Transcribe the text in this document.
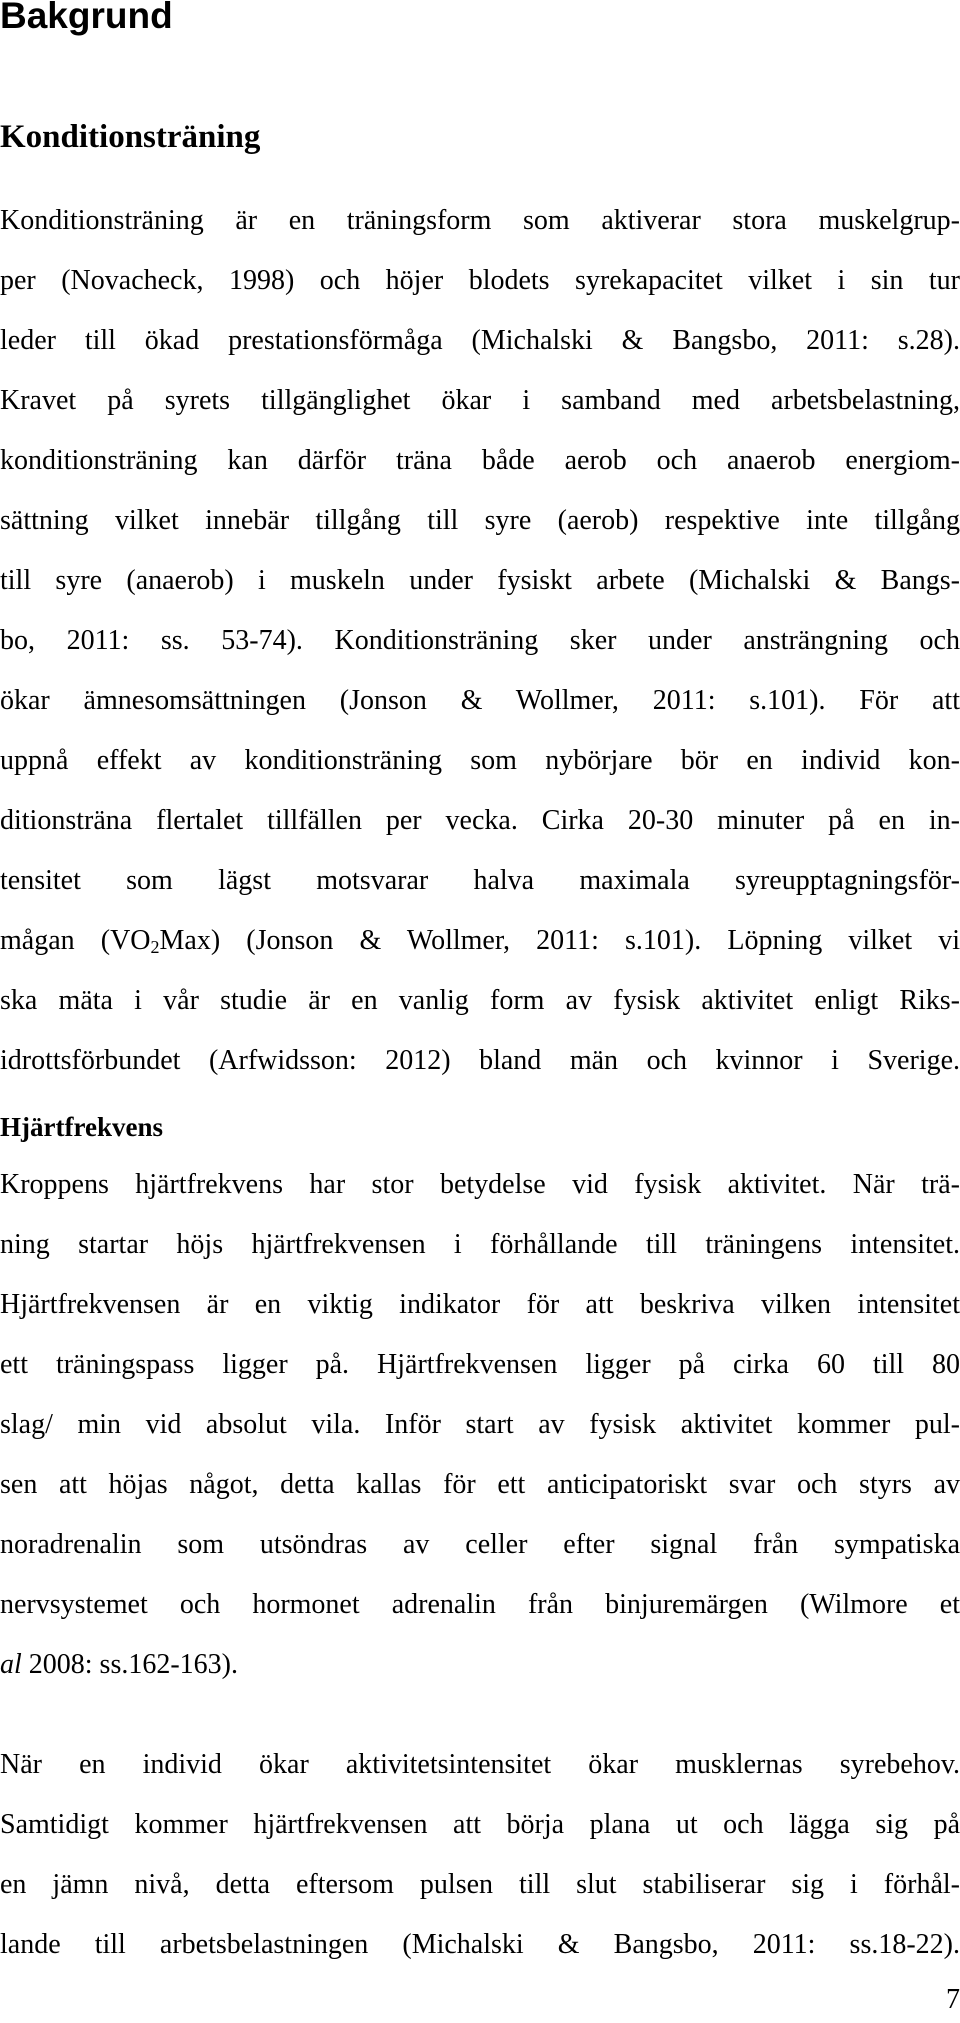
Bakgrund
Konditionsträning
Konditionsträning är en träningsform som aktiverar stora muskelgrup-
per (Novacheck, 1998) och höjer blodets syrekapacitet vilket i sin tur
leder till ökad prestationsförmåga (Michalski & Bangsbo, 2011: s.28).
Kravet på syrets tillgänglighet ökar i samband med arbetsbelastning,
konditionsträning kan därför träna både aerob och anaerob energiom-
sättning vilket innebär tillgång till syre (aerob) respektive inte tillgång
till syre (anaerob) i muskeln under fysiskt arbete (Michalski & Bangs-
bo, 2011: ss. 53-74). Konditionsträning sker under ansträngning och
ökar ämnesomsättningen (Jonson & Wollmer, 2011: s.101). För att
uppnå effekt av konditionsträning som nybörjare bör en individ kon-
ditionsträna flertalet tillfällen per vecka. Cirka 20-30 minuter på en in-
tensitet som lägst motsvarar halva maximala syreupptagningsför-
mågan $(VO_2Max)$ (Jonson & Wollmer, 2011: s.101). Löpning vilket vi
ska mäta i vår studie är en vanlig form av fysisk aktivitet enligt Riks-
idrottsförbundet (Arfwidsson: 2012) bland män och kvinnor i Sverige.
Hjärtfrekvens
Kroppens hjärtfrekvens har stor betydelse vid fysisk aktivitet. När trä-
ning startar höjs hjärtfrekvensen i förhållande till träningens intensitet.
Hjärtfrekvensen är en viktig indikator för att beskriva vilken intensitet
ett träningspass ligger på. Hjärtfrekvensen ligger på cirka 60 till 80
slag/ min vid absolut vila. Inför start av fysisk aktivitet kommer pul-
sen att höjas något, detta kallas för ett anticipatoriskt svar och styrs av
noradrenalin som utsöndras av celler efter signal från sympatiska
nervsystemet och hormonet adrenalin från binjuremärgen (Wilmore et
al 2008: ss.162-163).
När en individ ökar aktivitetsintensitet ökar musklernas syrebehov.
Samtidigt kommer hjärtfrekvensen att börja plana ut och lägga sig på
en jämn nivå, detta eftersom pulsen till slut stabiliserar sig i förhål-
lande till arbetsbelastningen (Michalski & Bangsbo, 2011: ss.18-22).

7
